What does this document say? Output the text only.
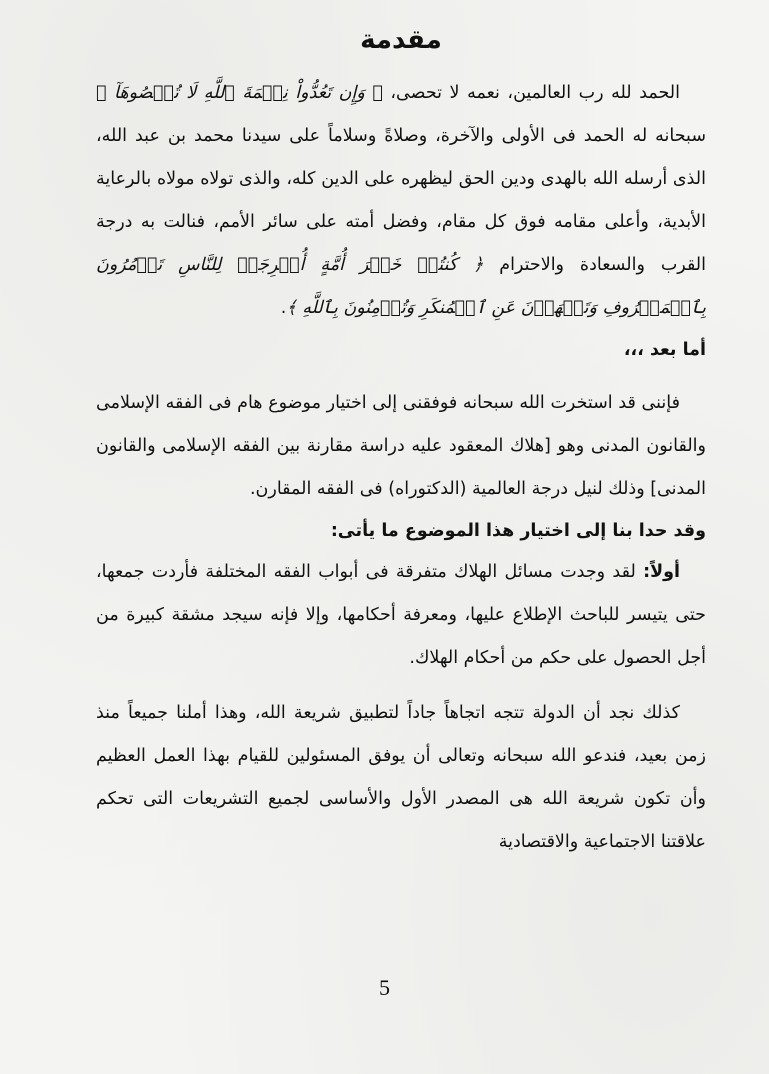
مقدمة

الحمد لله رب العالمين، نعمه لا تحصى، ﴿ وَإِن تَعُدُّواْ نِعۡمَةَ ٱللَّهِ لَا تُحۡصُوهَآ ﴾ سبحانه له الحمد فى الأولى والآخرة، وصلاةً وسلاماً على سيدنا محمد بن عبد الله، الذى أرسله الله بالهدى ودين الحق ليظهره على الدين كله، والذى تولاه مولاه بالرعاية الأبدية، وأعلى مقامه فوق كل مقام، وفضل أمته على سائر الأمم، فنالت به درجة القرب والسعادة والاحترام ﴿ كُنتُمۡ خَيۡرَ أُمَّةٍ أُخۡرِجَتۡ لِلنَّاسِ تَأۡمُرُونَ بِٱلۡمَعۡرُوفِ وَتَنۡهَوۡنَ عَنِ ٱلۡمُنكَرِ وَتُؤۡمِنُونَ بِٱللَّهِ ﴾.

أما بعد ،،،

فإننى قد استخرت الله سبحانه فوفقنى إلى اختيار موضوع هام فى الفقه الإسلامى والقانون المدنى وهو [هلاك المعقود عليه دراسة مقارنة بين الفقه الإسلامى والقانون المدنى] وذلك لنيل درجة العالمية (الدكتوراه) فى الفقه المقارن.

وقد حدا بنا إلى اختيار هذا الموضوع ما يأتى:

أولاً: لقد وجدت مسائل الهلاك متفرقة فى أبواب الفقه المختلفة فأردت جمعها، حتى يتيسر للباحث الإطلاع عليها، ومعرفة أحكامها، وإلا فإنه سيجد مشقة كبيرة من أجل الحصول على حكم من أحكام الهلاك.

كذلك نجد أن الدولة تتجه اتجاهاً جاداً لتطبيق شريعة الله، وهذا أملنا جميعاً منذ زمن بعيد، فندعو الله سبحانه وتعالى أن يوفق المسئولين للقيام بهذا العمل العظيم وأن تكون شريعة الله هى المصدر الأول والأساسى لجميع التشريعات التى تحكم علاقتنا الاجتماعية والاقتصادية

5
